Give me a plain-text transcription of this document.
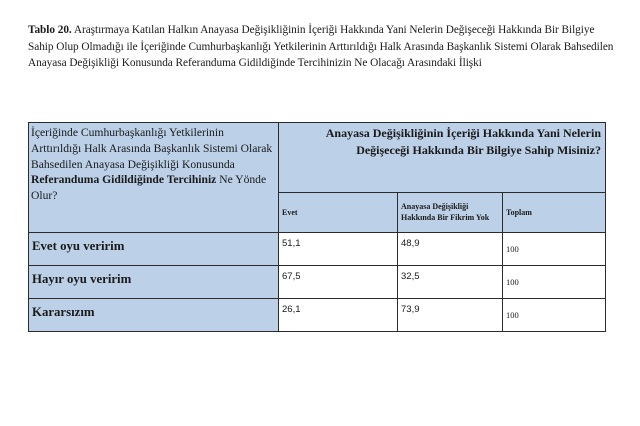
Tablo 20. Araştırmaya Katılan Halkın Anayasa Değişikliğinin İçeriği Hakkında Yani Nelerin Değişeceği Hakkında Bir Bilgiye Sahip Olup Olmadığı ile İçeriğinde Cumhurbaşkanlığı Yetkilerinin Arttırıldığı Halk Arasında Başkanlık Sistemi Olarak Bahsedilen Anayasa Değişikliği Konusunda Referanduma Gidildiğinde Tercihinizin Ne Olacağı Arasındaki İlişki
İçeriğinde Cumhurbaşkanlığı Yetkilerinin Arttırıldığı Halk Arasında Başkanlık Sistemi Olarak Bahsedilen Anayasa Değişikliği Konusunda Referanduma Gidildiğinde Tercihiniz Ne Yönde Olur?	Anayasa Değişikliğinin İçeriği Hakkında Yani Nelerin Değişeceği Hakkında Bir Bilgiye Sahip Misiniz?		

	Evet	Anayasa Değişikliği Hakkında Bir Fikrim Yok	Toplam
Evet oyu veririm	51,1	48,9	100
Hayır oyu veririm	67,5	32,5	100
Kararsızım	26,1	73,9	100
